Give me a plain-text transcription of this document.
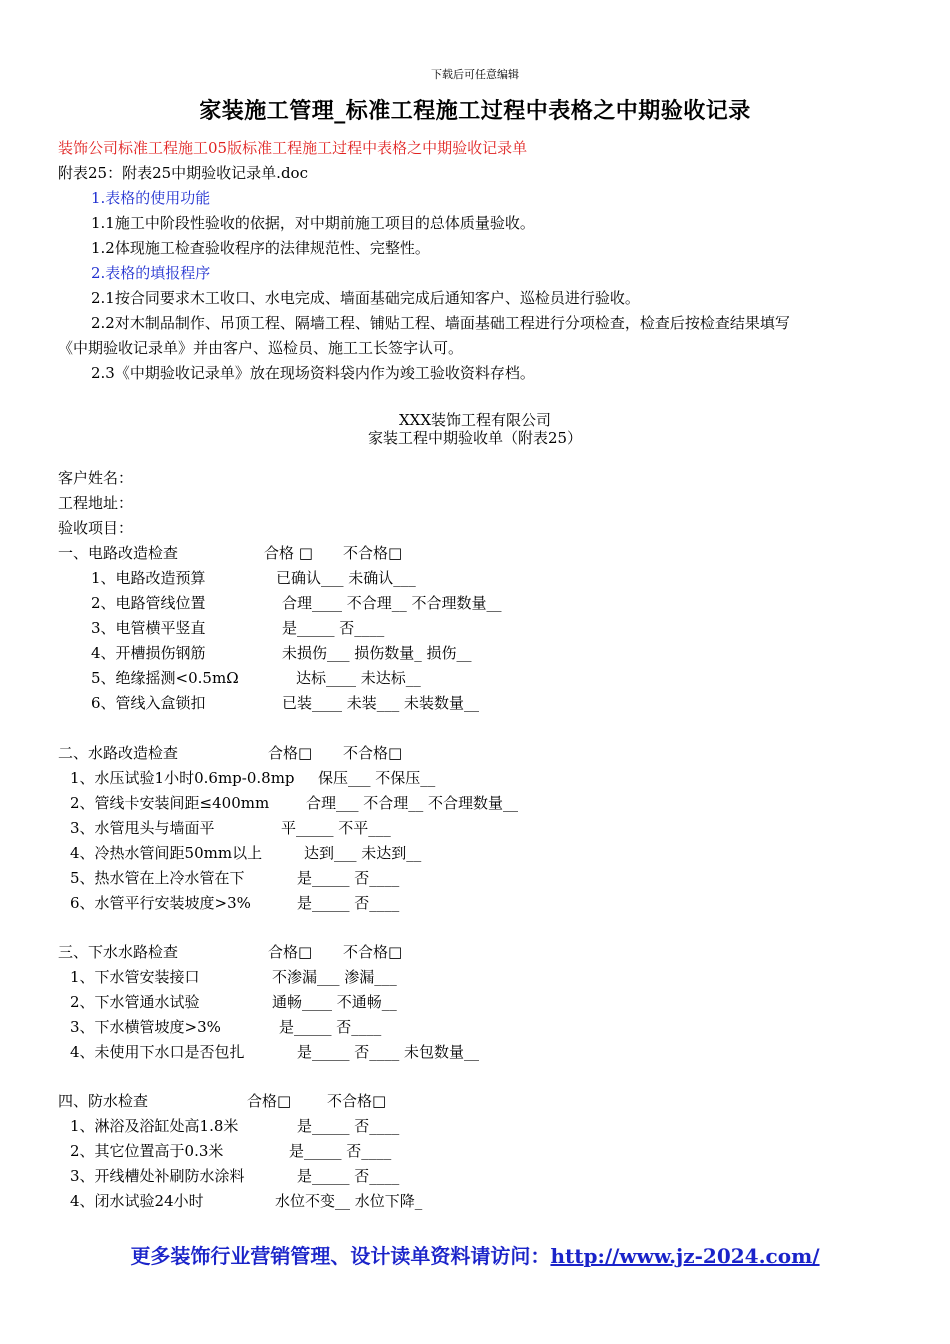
下载后可任意编辑
家装施工管理_标准工程施工过程中表格之中期验收记录
装饰公司标准工程施工05版标准工程施工过程中表格之中期验收记录单
附表25：附表25中期验收记录单.doc
1.表格的使用功能
1.1施工中阶段性验收的依据，对中期前施工项目的总体质量验收。
1.2体现施工检查验收程序的法律规范性、完整性。
2.表格的填报程序
2.1按合同要求木工收口、水电完成、墙面基础完成后通知客户、巡检员进行验收。
2.2对木制品制作、吊顶工程、隔墙工程、铺贴工程、墙面基础工程进行分项检查，检查后按检查结果填写
《中期验收记录单》并由客户、巡检员、施工工长签字认可。
2.3《中期验收记录单》放在现场资料袋内作为竣工验收资料存档。
XXX装饰工程有限公司
家装工程中期验收单（附表25）
客户姓名：
工程地址：
验收项目：
一、电路改造检查	合格 □ 不合格□
1、电路改造预算	已确认___ 未确认___
2、电路管线位置	合理____ 不合理__ 不合理数量__
3、电管横平竖直	是_____ 否____
4、开槽损伤钢筋	未损伤___ 损伤数量_ 损伤__
5、绝缘摇测<0.5mΩ	达标____ 未达标__
6、管线入盒锁扣	已装____ 未装___ 未装数量__
二、水路改造检查	合格□ 不合格□
1、水压试验1小时0.6mp-0.8mp 保压___ 不保压__
2、管线卡安装间距≤400mm 合理___ 不合理__ 不合理数量__
3、水管甩头与墙面平	平_____ 不平___
4、冷热水管间距50mm以上	达到___ 未达到__
5、热水管在上冷水管在下	是_____ 否____
6、水管平行安装坡度>3%	是_____ 否____
三、下水水路检查	合格□ 不合格□
1、下水管安装接口	不渗漏___ 渗漏___
2、下水管通水试验	通畅____ 不通畅__
3、下水横管坡度>3%	是_____ 否____
4、未使用下水口是否包扎	是_____ 否____ 未包数量__
四、防水检查	合格□ 不合格□
1、淋浴及浴缸处高1.8米	是_____ 否____
2、其它位置高于0.3米	是_____ 否____
3、开线槽处补刷防水涂料	是_____ 否____
4、闭水试验24小时	水位不变__ 水位下降_
更多装饰行业营销管理、设计读单资料请访问：http://www.jz-2024.com/
